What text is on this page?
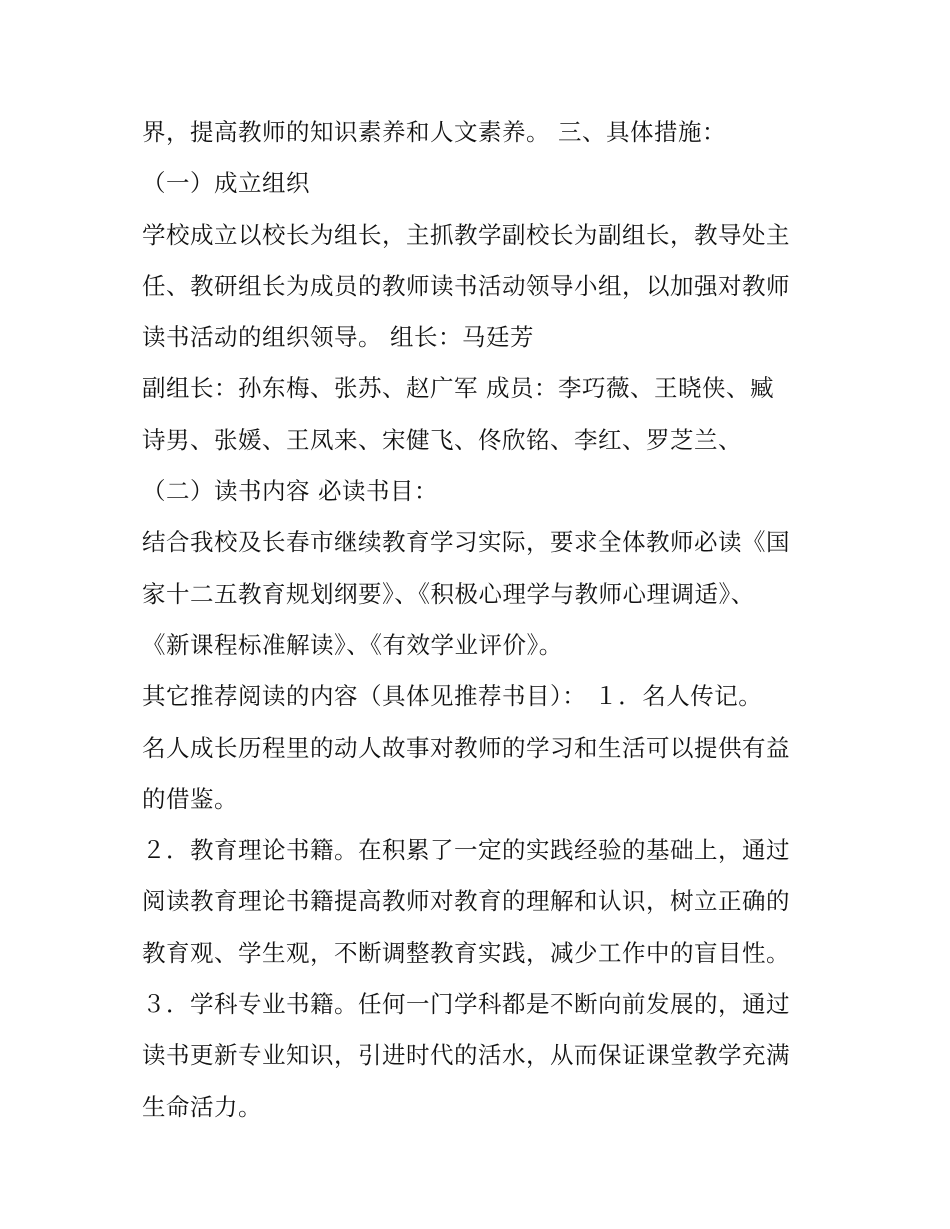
界，提高教师的知识素养和人文素养。 三、具体措施：
（一）成立组织
学校成立以校长为组长，主抓教学副校长为副组长，教导处主
任、教研组长为成员的教师读书活动领导小组，以加强对教师
读书活动的组织领导。 组长：马廷芳
副组长：孙东梅、张苏、赵广军 成员：李巧薇、王晓侠、臧
诗男、张媛、王凤来、宋健飞、佟欣铭、李红、罗芝兰、
（二）读书内容 必读书目：
结合我校及长春市继续教育学习实际，要求全体教师必读《国
家十二五教育规划纲要》、《积极心理学与教师心理调适》、
《新课程标准解读》、《有效学业评价》。
其它推荐阅读的内容（具体见推荐书目）： １．名人传记。
名人成长历程里的动人故事对教师的学习和生活可以提供有益
的借鉴。
２．教育理论书籍。在积累了一定的实践经验的基础上，通过
阅读教育理论书籍提高教师对教育的理解和认识，树立正确的
教育观、学生观，不断调整教育实践，减少工作中的盲目性。
３．学科专业书籍。任何一门学科都是不断向前发展的，通过
读书更新专业知识，引进时代的活水，从而保证课堂教学充满
生命活力。
